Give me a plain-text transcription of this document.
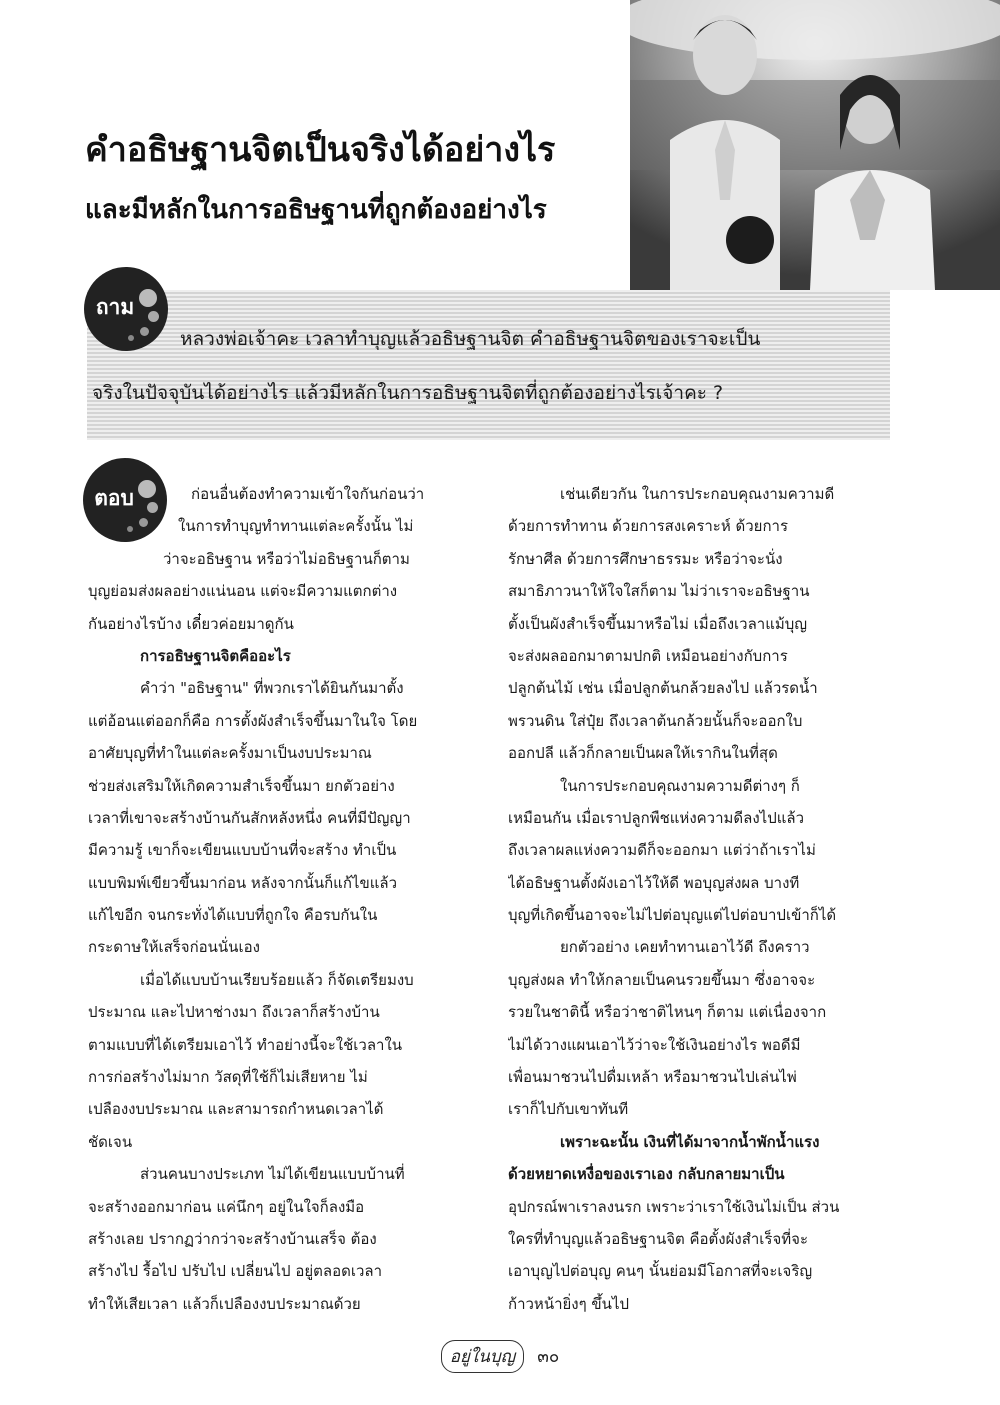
คำอธิษฐานจิตเป็นจริงได้อย่างไร
และมีหลักในการอธิษฐานที่ถูกต้องอย่างไร
ถาม
หลวงพ่อเจ้าคะ เวลาทำบุญแล้วอธิษฐานจิต คำอธิษฐานจิตของเราจะเป็น
จริงในปัจจุบันได้อย่างไร แล้วมีหลักในการอธิษฐานจิตที่ถูกต้องอย่างไรเจ้าคะ ?
ตอบ	ก่อนอื่นต้องทำความเข้าใจกันก่อนว่า
ในการทำบุญทำทานแต่ละครั้งนั้น ไม่
ว่าจะอธิษฐาน หรือว่าไม่อธิษฐานก็ตาม
บุญย่อมส่งผลอย่างแน่นอน แต่จะมีความแตกต่าง
กันอย่างไรบ้าง เดี๋ยวค่อยมาดูกัน
การอธิษฐานจิตคืออะไร
คำว่า "อธิษฐาน" ที่พวกเราได้ยินกันมาตั้ง
แต่อ้อนแต่ออกก็คือ การตั้งผังสำเร็จขึ้นมาในใจ โดย
อาศัยบุญที่ทำในแต่ละครั้งมาเป็นงบประมาณ
ช่วยส่งเสริมให้เกิดความสำเร็จขึ้นมา ยกตัวอย่าง
เวลาที่เขาจะสร้างบ้านกันสักหลังหนึ่ง คนที่มีปัญญา
มีความรู้ เขาก็จะเขียนแบบบ้านที่จะสร้าง ทำเป็น
แบบพิมพ์เขียวขึ้นมาก่อน หลังจากนั้นก็แก้ไขแล้ว
แก้ไขอีก จนกระทั่งได้แบบที่ถูกใจ คือรบกันใน
กระดาษให้เสร็จก่อนนั่นเอง
เมื่อได้แบบบ้านเรียบร้อยแล้ว ก็จัดเตรียมงบ
ประมาณ และไปหาช่างมา ถึงเวลาก็สร้างบ้าน
ตามแบบที่ได้เตรียมเอาไว้ ทำอย่างนี้จะใช้เวลาใน
การก่อสร้างไม่มาก วัสดุที่ใช้ก็ไม่เสียหาย ไม่
เปลืองงบประมาณ และสามารถกำหนดเวลาได้
ชัดเจน
ส่วนคนบางประเภท ไม่ได้เขียนแบบบ้านที่
จะสร้างออกมาก่อน แค่นึกๆ อยู่ในใจก็ลงมือ
สร้างเลย ปรากฏว่ากว่าจะสร้างบ้านเสร็จ ต้อง
สร้างไป รื้อไป ปรับไป เปลี่ยนไป อยู่ตลอดเวลา
ทำให้เสียเวลา แล้วก็เปลืองงบประมาณด้วย
เช่นเดียวกัน ในการประกอบคุณงามความดี
ด้วยการทำทาน ด้วยการสงเคราะห์ ด้วยการ
รักษาศีล ด้วยการศึกษาธรรมะ หรือว่าจะนั่ง
สมาธิภาวนาให้ใจใสก็ตาม ไม่ว่าเราจะอธิษฐาน
ตั้งเป็นผังสำเร็จขึ้นมาหรือไม่ เมื่อถึงเวลาแม้บุญ
จะส่งผลออกมาตามปกติ เหมือนอย่างกับการ
ปลูกต้นไม้ เช่น เมื่อปลูกต้นกล้วยลงไป แล้วรดน้ำ
พรวนดิน ใส่ปุ๋ย ถึงเวลาต้นกล้วยนั้นก็จะออกใบ
ออกปลี แล้วก็กลายเป็นผลให้เรากินในที่สุด
ในการประกอบคุณงามความดีต่างๆ ก็
เหมือนกัน เมื่อเราปลูกพืชแห่งความดีลงไปแล้ว
ถึงเวลาผลแห่งความดีก็จะออกมา แต่ว่าถ้าเราไม่
ได้อธิษฐานตั้งผังเอาไว้ให้ดี พอบุญส่งผล บางที
บุญที่เกิดขึ้นอาจจะไม่ไปต่อบุญแต่ไปต่อบาปเข้าก็ได้
ยกตัวอย่าง เคยทำทานเอาไว้ดี ถึงคราว
บุญส่งผล ทำให้กลายเป็นคนรวยขึ้นมา ซึ่งอาจจะ
รวยในชาตินี้ หรือว่าชาติไหนๆ ก็ตาม แต่เนื่องจาก
ไม่ได้วางแผนเอาไว้ว่าจะใช้เงินอย่างไร พอดีมี
เพื่อนมาชวนไปดื่มเหล้า หรือมาชวนไปเล่นไพ่
เราก็ไปกับเขาทันที
เพราะฉะนั้น เงินที่ได้มาจากน้ำพักน้ำแรง
ด้วยหยาดเหงื่อของเราเอง กลับกลายมาเป็น
อุปกรณ์พาเราลงนรก เพราะว่าเราใช้เงินไม่เป็น ส่วน
ใครที่ทำบุญแล้วอธิษฐานจิต คือตั้งผังสำเร็จที่จะ
เอาบุญไปต่อบุญ คนๆ นั้นย่อมมีโอกาสที่จะเจริญ
ก้าวหน้ายิ่งๆ ขึ้นไป
อยู่ในบุญ ๓๐
